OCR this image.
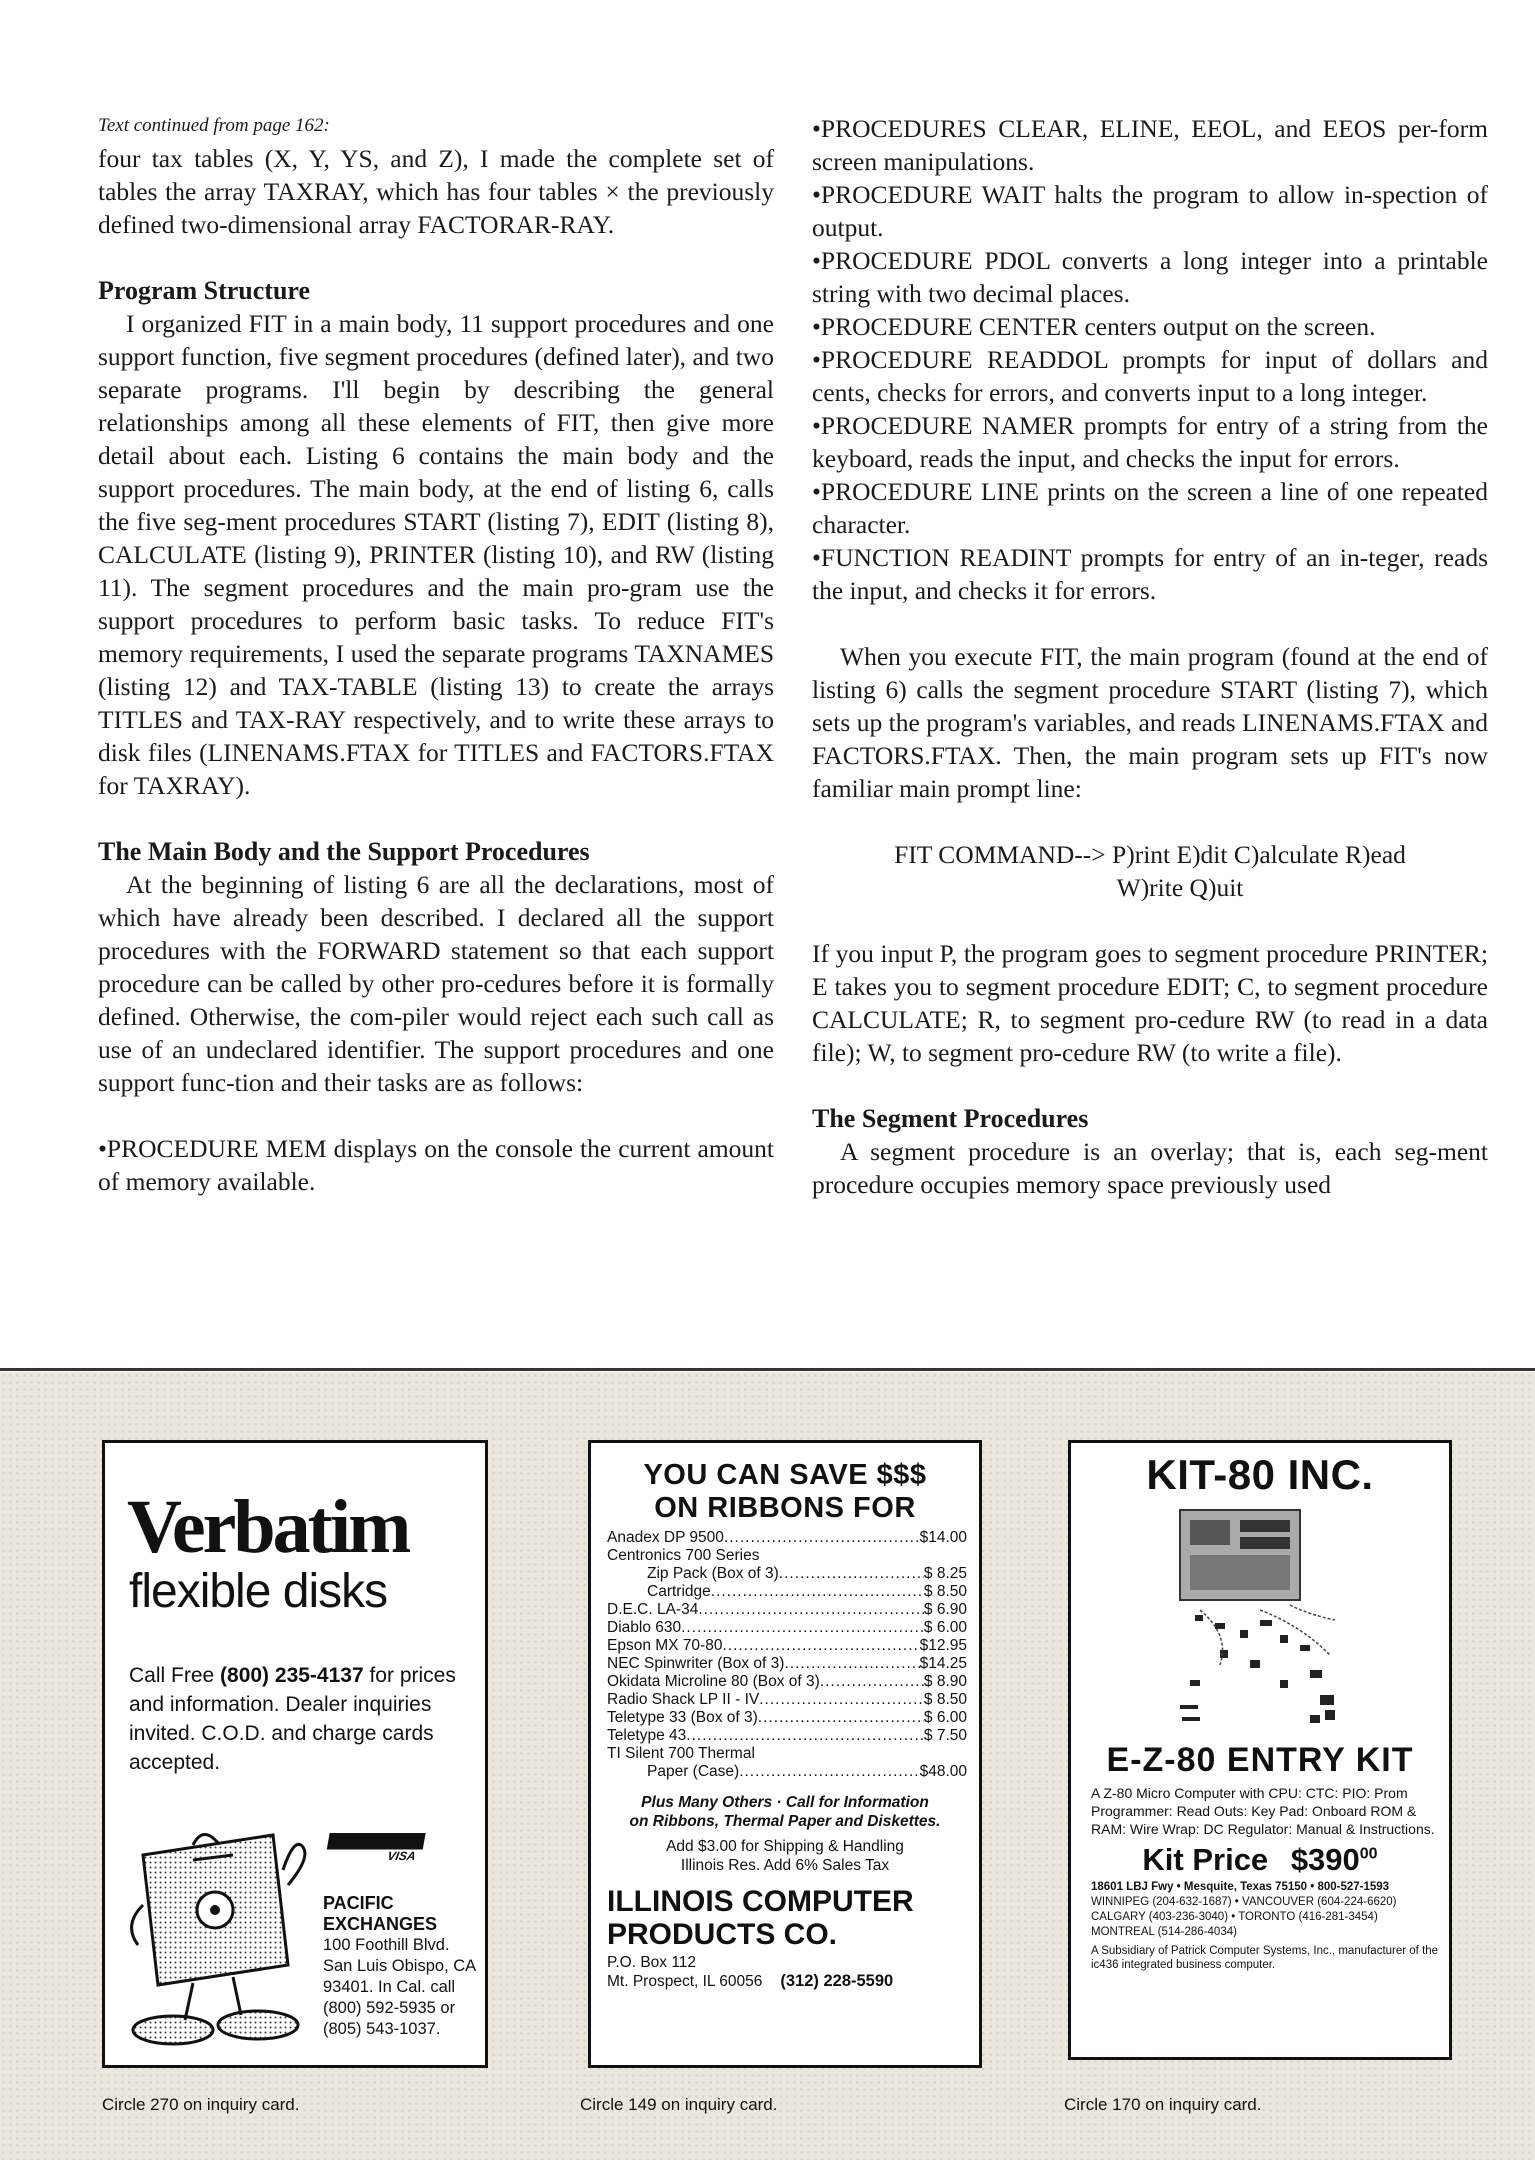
Text continued from page 162:

four tax tables (X, Y, YS, and Z), I made the complete set of tables the array TAXRAY, which has four tables × the previously defined two-dimensional array FACTORAR-RAY.

Program Structure

I organized FIT in a main body, 11 support procedures and one support function, five segment procedures (defined later), and two separate programs. I'll begin by describing the general relationships among all these elements of FIT, then give more detail about each. Listing 6 contains the main body and the support procedures. The main body, at the end of listing 6, calls the five seg-ment procedures START (listing 7), EDIT (listing 8), CALCULATE (listing 9), PRINTER (listing 10), and RW (listing 11). The segment procedures and the main pro-gram use the support procedures to perform basic tasks. To reduce FIT's memory requirements, I used the separate programs TAXNAMES (listing 12) and TAX-TABLE (listing 13) to create the arrays TITLES and TAX-RAY respectively, and to write these arrays to disk files (LINENAMS.FTAX for TITLES and FACTORS.FTAX for TAXRAY).

The Main Body and the Support Procedures

At the beginning of listing 6 are all the declarations, most of which have already been described. I declared all the support procedures with the FORWARD statement so that each support procedure can be called by other pro-cedures before it is formally defined. Otherwise, the com-piler would reject each such call as use of an undeclared identifier. The support procedures and one support func-tion and their tasks are as follows:

•PROCEDURE MEM displays on the console the current amount of memory available.

•PROCEDURES CLEAR, ELINE, EEOL, and EEOS per-form screen manipulations.

•PROCEDURE WAIT halts the program to allow in-spection of output.

•PROCEDURE PDOL converts a long integer into a printable string with two decimal places.

•PROCEDURE CENTER centers output on the screen.

•PROCEDURE READDOL prompts for input of dollars and cents, checks for errors, and converts input to a long integer.

•PROCEDURE NAMER prompts for entry of a string from the keyboard, reads the input, and checks the input for errors.

•PROCEDURE LINE prints on the screen a line of one repeated character.

•FUNCTION READINT prompts for entry of an in-teger, reads the input, and checks it for errors.

When you execute FIT, the main program (found at the end of listing 6) calls the segment procedure START (listing 7), which sets up the program's variables, and reads LINENAMS.FTAX and FACTORS.FTAX. Then, the main program sets up FIT's now familiar main prompt line:

FIT COMMAND--> P)rint E)dit C)alculate R)ead

W)rite Q)uit

If you input P, the program goes to segment procedure PRINTER; E takes you to segment procedure EDIT; C, to segment procedure CALCULATE; R, to segment pro-cedure RW (to read in a data file); W, to segment pro-cedure RW (to write a file).

The Segment Procedures

A segment procedure is an overlay; that is, each seg-ment procedure occupies memory space previously used

Verbatim
flexible disks
Call Free (800) 235-4137 for prices and information. Dealer inquiries invited. C.O.D. and charge cards accepted.
VISA
PACIFIC
EXCHANGES
100 Foothill Blvd.
San Luis Obispo, CA
93401. In Cal. call
(800) 592-5935 or
(805) 543-1037.
Circle 270 on inquiry card.
YOU CAN SAVE $$$
ON RIBBONS FOR
Anadex DP 9500 .....	$14.00
Centronics 700 Series
Zip Pack (Box of 3) .....	$ 8.25
Cartridge .....	$ 8.50
D.E.C. LA-34 .....	$ 6.90
Diablo 630 .....	$ 6.00
Epson MX 70-80 .....	$12.95
NEC Spinwriter (Box of 3) .....	$14.25
Okidata Microline 80 (Box of 3) .....	$ 8.90
Radio Shack LP II - IV .....	$ 8.50
Teletype 33 (Box of 3) .....	$ 6.00
Teletype 43 .....	$ 7.50
TI Silent 700 Thermal
Paper (Case) .....	$48.00
Plus Many Others · Call for Information
on Ribbons, Thermal Paper and Diskettes.
Add $3.00 for Shipping & Handling
Illinois Res. Add 6% Sales Tax
ILLINOIS COMPUTER
PRODUCTS CO.
P.O. Box 112
Mt. Prospect, IL 60056 (312) 228-5590
Circle 149 on inquiry card.
KIT-80 INC.
E-Z-80 ENTRY KIT
A Z-80 Micro Computer with CPU: CTC: PIO: Prom Programmer: Read Outs: Key Pad: Onboard ROM & RAM: Wire Wrap: DC Regulator: Manual & Instructions.
Kit Price $\$390^{00}$
18601 LBJ Fwy • Mesquite, Texas 75150 • 800-527-1593
WINNIPEG (204-632-1687) • VANCOUVER (604-224-6620)
CALGARY (403-236-3040) • TORONTO (416-281-3454)
MONTREAL (514-286-4034)
A Subsidiary of Patrick Computer Systems, Inc., manufacturer of the ic436 integrated business computer.
Circle 170 on inquiry card.
